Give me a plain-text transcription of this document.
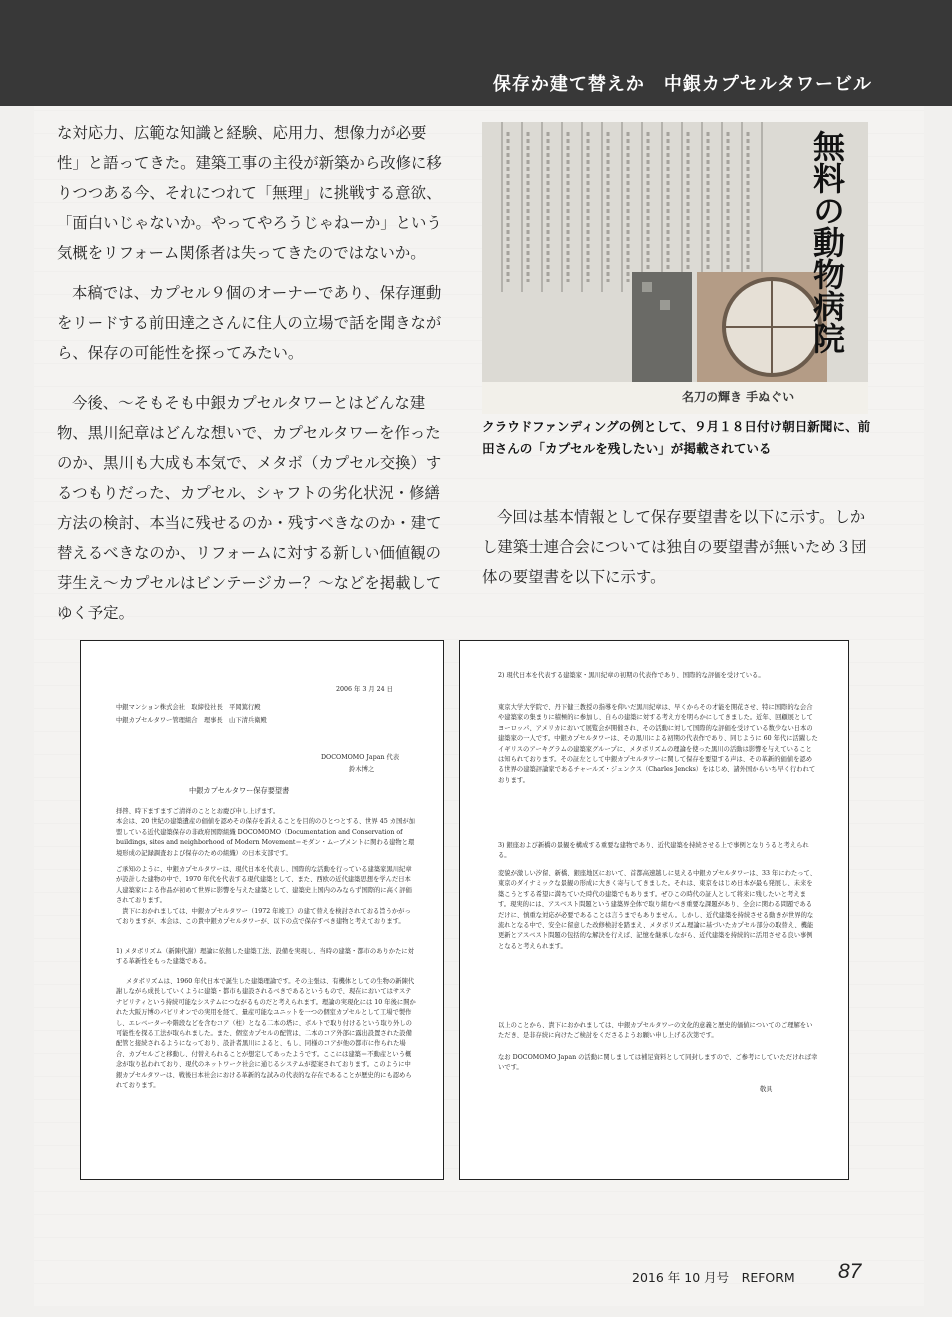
保存か建て替えか　中銀カプセルタワービル

な対応力、広範な知識と経験、応用力、想像力が必要性」と語ってきた。建築工事の主役が新築から改修に移りつつある今、それにつれて「無理」に挑戦する意欲、「面白いじゃないか。やってやろうじゃねーか」という気概をリフォーム関係者は失ってきたのではないか。

本稿では、カプセル９個のオーナーであり、保存運動をリードする前田達之さんに住人の立場で話を聞きながら、保存の可能性を探ってみたい。

今後、〜そもそも中銀カプセルタワーとはどんな建物、黒川紀章はどんな想いで、カプセルタワーを作ったのか、黒川も大成も本気で、メタボ（カプセル交換）するつもりだった、カプセル、シャフトの劣化状況・修繕方法の検討、本当に残せるのか・残すべきなのか・建て替えるべきなのか、リフォームに対する新しい価値観の芽生え〜カプセルはビンテージカー？〜などを掲載してゆく予定。

無料の動物病院
名刀の輝き 手ぬぐい

クラウドファンディングの例として、９月１８日付け朝日新聞に、前田さんの「カプセルを残したい」が掲載されている

今回は基本情報として保存要望書を以下に示す。しかし建築士連合会については独自の要望書が無いため３団体の要望書を以下に示す。

2006 年 3 月 24 日
中銀マンション株式会社　取締役社長　平岡篤行殿
中銀カプセルタワー管理組合　理事長　山下清兵衛殿
DOCOMOMO Japan 代表
鈴木博之
中銀カプセルタワー保存要望書
拝啓、時下ますますご清祥のこととお慶び申し上げます。
本会は、20 世紀の建築遺産の価値を認めその保存を訴えることを目的のひとつとする、世界 45 カ国が加盟している近代建築保存の非政府国際組織 DOCOMOMO（Documentation and Conservation of buildings, sites and neighborhood of Modern Movement＝モダン・ムーブメントに関わる建物と環境形成の記録調査および保存のための組織）の日本支部です。
ご承知のように、中銀カプセルタワーは、現代日本を代表し、国際的な活動を行っている建築家黒川紀章が設計した建物の中で、1970 年代を代表する現代建築として、また、西欧の近代建築思想を学んだ日本人建築家による作品が初めて世界に影響を与えた建築として、建築史上国内のみならず国際的に高く評価されております。
　貴下におかれましては、中銀カプセルタワー（1972 年竣工）の建て替えを検討されておる旨うかがっておりますが、本会は、この貴中銀カプセルタワーが、以下の点で保存すべき建物と考えております。
1) メタボリズム（新陳代謝）理論に依拠した建築工法、設備を実現し、当時の建築・都市のありかたに対する革新性をもった建築である。
メタボリズムは、1960 年代日本で誕生した建築理論です。その主張は、有機体としての生物の新陳代謝しながら成長していくように建築・都市も建設されるべきであるというもので、現在においてはサステナビリティという持続可能なシステムにつながるものだと考えられます。理論の実現化には 10 年後に開かれた大阪万博のパビリオンでの実用を経て、量産可能なユニットを一つの個室カプセルとして工場で製作し、エレベーターや階段などを含むコア（柱）となる二本の塔に、ボルトで取り付けるという取り外しの可能性を探る工法が取られました。また、個室カプセルの配管は、二本のコア外部に露出設置された設備配管と接続されるようになっており、設計者黒川によると、もし、同様のコアが他の都市に作られた場合、カプセルごと移動し、付替えられることが想定してあったようです。ここには建築＝不動産という概念が取り払われており、現代のネットワーク社会に通じるシステムが提案されております。このように中銀カプセルタワーは、戦後日本社会における革新的な試みの代表的な存在であることが歴史的にも認められております。
2) 現代日本を代表する建築家・黒川紀章の初期の代表作であり、国際的な評価を受けている。
東京大学大学院で、丹下健三教授の指導を仰いだ黒川紀章は、早くからその才能を開花させ、特に国際的な会合や建築家の集まりに積極的に参加し、自らの建築に対する考え方を明らかにしてきました。近年、回顧展としてヨーロッパ、アメリカにおいて展覧会が開催され、その活動に対して国際的な評価を受けている数少ない日本の建築家の一人です。中銀カプセルタワーは、その黒川による初期の代表作であり、同じように 60 年代に活躍したイギリスのアーキグラムの建築家グループに、メタボリズムの理論を使った黒川の活動は影響を与えていることは知られております。その証左として中銀カプセルタワーに関して保存を要望する声は、その革新的価値を認める世界の建築評論家であるチャールズ・ジェンクス（Charles Jencks）をはじめ、諸外国からいち早く行われております。
3) 銀座および新橋の景観を構成する重要な建物であり、近代建築を持続させる上で事例となりうると考えられる。
変貌が激しい汐留、新橋、銀座地区において、首都高速越しに見える中銀カプセルタワーは、33 年にわたって、東京のダイナミックな景観の形成に大きく寄与してきました。それは、東京をはじめ日本が最も発展し、未来を築こうとする希望に満ちていた時代の建築でもあります。ぜひこの時代の証人として将来に残したいと考えます。現実的には、アスベスト問題という建築界全体で取り組むべき重要な課題があり、全会に関わる問題であるだけに、慎重な対応が必要であることは言うまでもありません。しかし、近代建築を持続させる動きが世界的な流れとなる中で、安全に留意した改修検討を踏まえ、メタボリズム理論に基づいたカプセル部分の取替え、機能更新とアスベスト問題の包括的な解決を行えば、記憶を継承しながら、近代建築を持続的に活用させる良い事例となると考えられます。
以上のことから、貴下におかれましては、中銀カプセルタワーの文化的意義と歴史的価値についてのご理解をいただき、是非存続に向けたご検討をくださるようお願い申し上げる次第です。
なお DOCOMOMO Japan の活動に関しましては補足資料として同封しますので、ご参考にしていただければ幸いです。
敬具
2016 年 10 月号　REFORM 87
